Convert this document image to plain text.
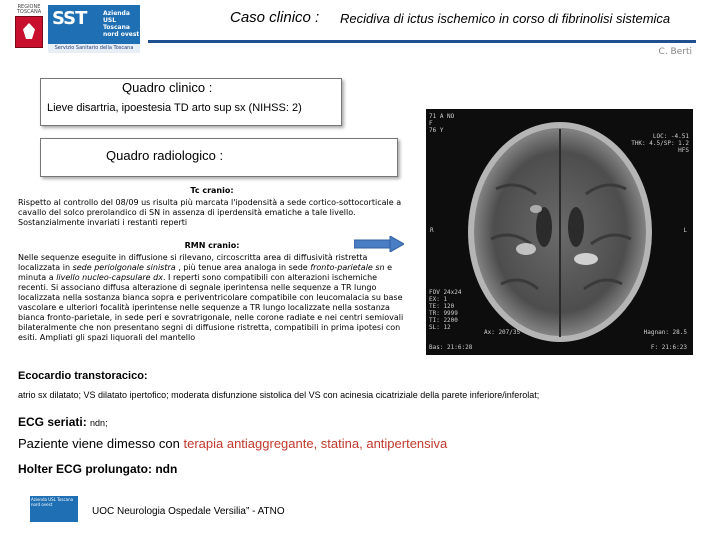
REGIONE TOSCANA SST	Azienda USL Toscana nord ovest
Servizio Sanitario della Toscana
Caso clinico : Recidiva di ictus ischemico in corso di fibrinolisi sistemica
C. Berti
Quadro clinico :
Lieve disartria, ipoestesia TD arto sup sx (NIHSS: 2)
Quadro radiologico :
Tc cranio:
Rispetto al controllo del 08/09 us risulta più marcata l'ipodensità a sede cortico-sottocorticale a cavallo del solco prerolandico di SN in assenza di iperdensità ematiche a tale livello. Sostanzialmente invariati i restanti reperti
RMN cranio:
Nelle sequenze eseguite in diffusione si rilevano, circoscritta area di diffusività ristretta localizzata in sede periolgonale sinistra , più tenue area analoga in sede fronto-parietale sn e minuta a livello nucleo-capsulare dx. I reperti sono compatibili con alterazioni ischemiche recenti. Si associano diffusa alterazione di segnale iperintensa nelle sequenze a TR lungo localizzata nella sostanza bianca sopra e periventricolare compatibile con leucomalacia su base vascolare e ulteriori focalità iperintense nelle sequenze a TR lungo localizzate nella sostanza bianca fronto-parietale, in sede peri e sovratrigonale, nelle corone radiate e nei centri semiovali bilateralmente che non presentano segni di diffusione ristretta, compatibili in prima ipotesi con esiti. Ampliati gli spazi liquorali del mantello
71 A NO
F
76 Y
LOC: -4.51
THK: 4.5/SP: 1.2
HFS
R	L
FOV 24x24
EX: 1
TE: 120
TR: 9999
TI: 2200
SL: 12
Ax: 207/35	Hagnan: 28.5
Bas: 21:6:28	F: 21:6:23
Ecocardio transtoracico:
atrio sx dilatato; VS dilatato ipertofico; moderata disfunzione sistolica del VS con acinesia cicatriziale della parete inferiore/inferolat;
ECG seriati: ndn;
Paziente viene dimesso con terapia antiaggregante, statina, antipertensiva
Holter ECG prolungato: ndn
Azienda USL Toscana nord ovest
UOC Neurologia Ospedale Versilia” - ATNO
